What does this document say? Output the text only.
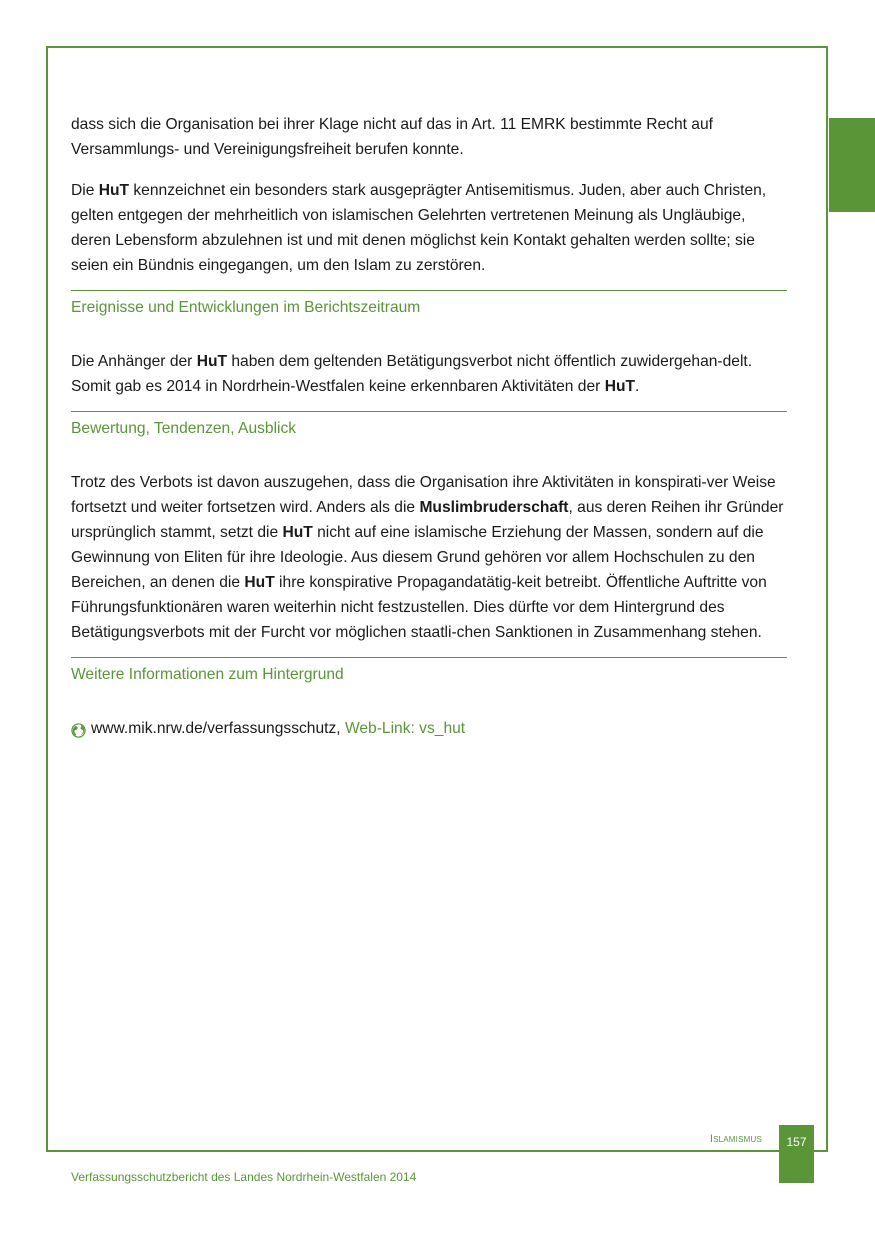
dass sich die Organisation bei ihrer Klage nicht auf das in Art. 11 EMRK bestimmte Recht auf Versammlungs- und Vereinigungsfreiheit berufen konnte.

Die HuT kennzeichnet ein besonders stark ausgeprägter Antisemitismus. Juden, aber auch Christen, gelten entgegen der mehrheitlich von islamischen Gelehrten vertretenen Meinung als Ungläubige, deren Lebensform abzulehnen ist und mit denen möglichst kein Kontakt gehalten werden sollte; sie seien ein Bündnis eingegangen, um den Islam zu zerstören.

Ereignisse und Entwicklungen im Berichtszeitraum

Die Anhänger der HuT haben dem geltenden Betätigungsverbot nicht öffentlich zuwidergehan-delt. Somit gab es 2014 in Nordrhein-Westfalen keine erkennbaren Aktivitäten der HuT.

Bewertung, Tendenzen, Ausblick

Trotz des Verbots ist davon auszugehen, dass die Organisation ihre Aktivitäten in konspirati-ver Weise fortsetzt und weiter fortsetzen wird. Anders als die Muslimbruderschaft, aus deren Reihen ihr Gründer ursprünglich stammt, setzt die HuT nicht auf eine islamische Erziehung der Massen, sondern auf die Gewinnung von Eliten für ihre Ideologie. Aus diesem Grund gehören vor allem Hochschulen zu den Bereichen, an denen die HuT ihre konspirative Propagandatätig-keit betreibt. Öffentliche Auftritte von Führungsfunktionären waren weiterhin nicht festzustellen. Dies dürfte vor dem Hintergrund des Betätigungsverbots mit der Furcht vor möglichen staatli-chen Sanktionen in Zusammenhang stehen.

Weitere Informationen zum Hintergrund
www.mik.nrw.de/verfassungsschutz,
Web-Link: vs_hut
Islamismus	157
Verfassungsschutzbericht des Landes Nordrhein-Westfalen 2014
